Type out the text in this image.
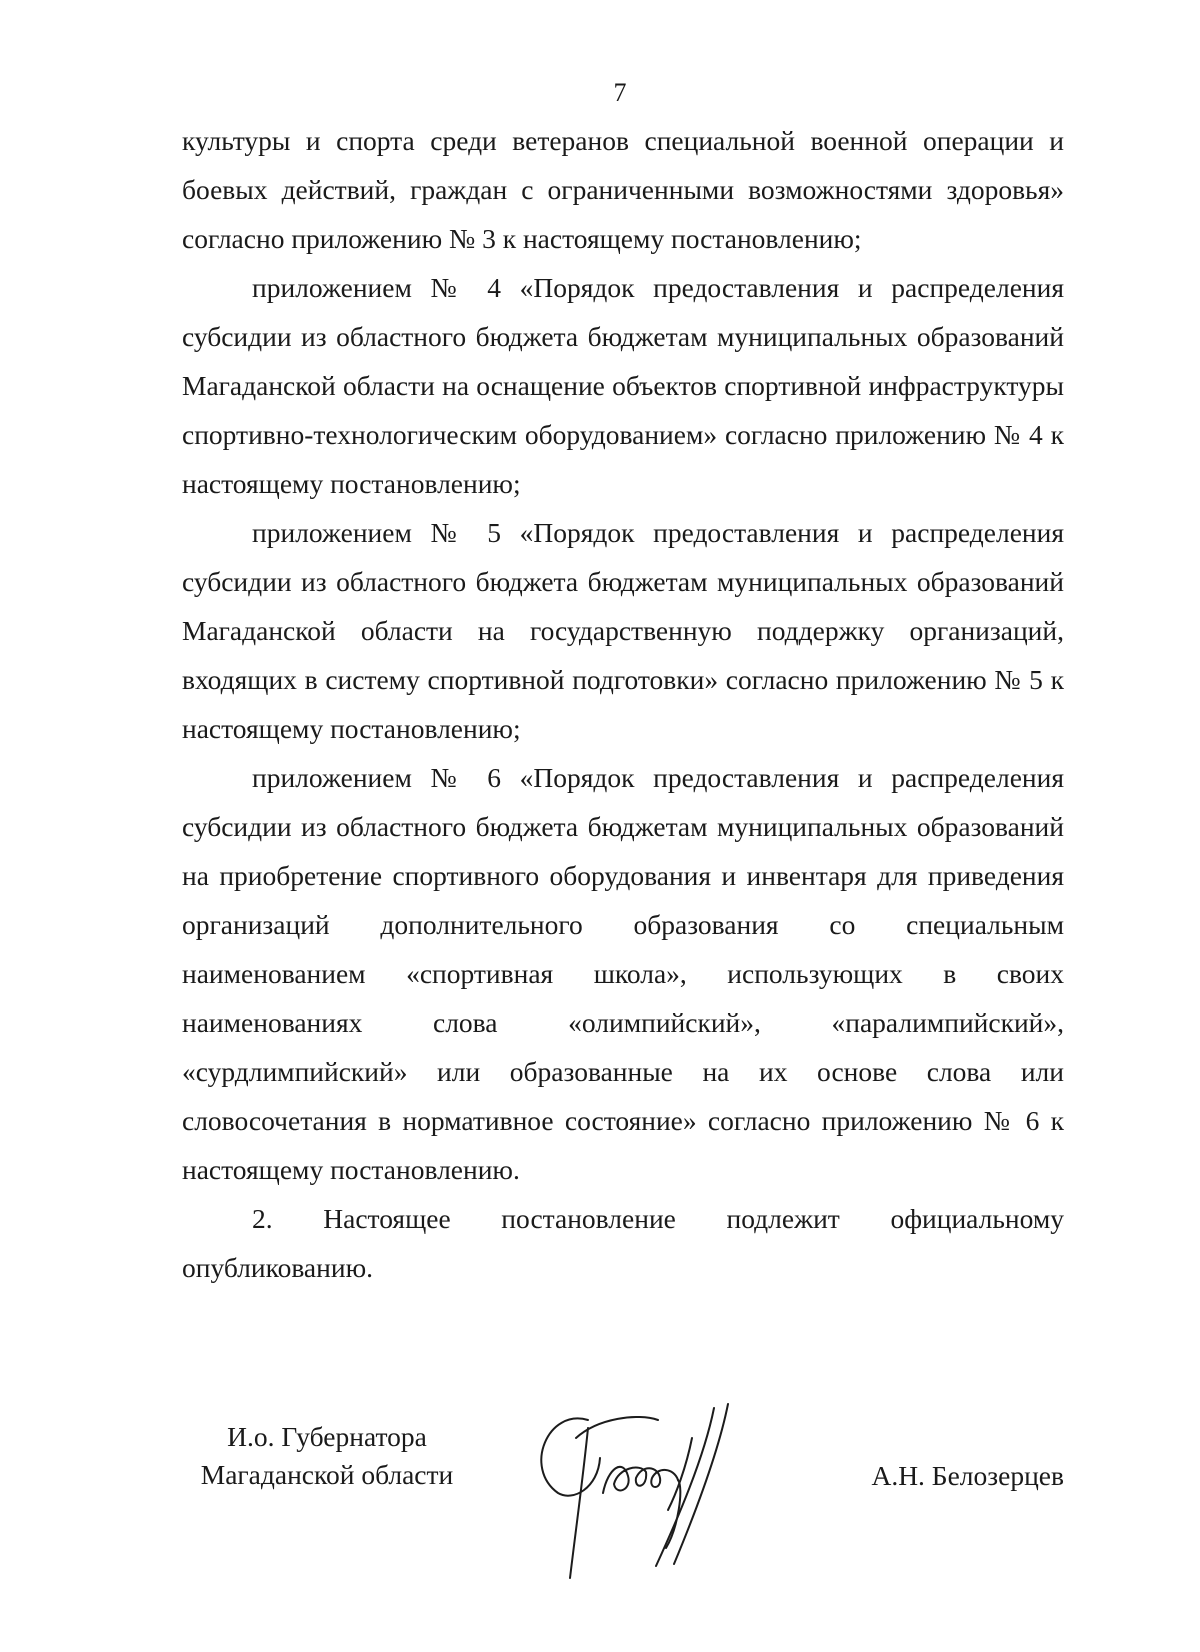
7

культуры и спорта среди ветеранов специальной военной операции и боевых действий, граждан с ограниченными возможностями здоровья» согласно приложению № 3 к настоящему постановлению;

приложением № 4 «Порядок предоставления и распределения субсидии из областного бюджета бюджетам муниципальных образований Магаданской области на оснащение объектов спортивной инфраструктуры спортивно-технологическим оборудованием» согласно приложению № 4 к настоящему постановлению;

приложением № 5 «Порядок предоставления и распределения субсидии из областного бюджета бюджетам муниципальных образований Магаданской области на государственную поддержку организаций, входящих в систему спортивной подготовки» согласно приложению № 5 к настоящему постановлению;

приложением № 6 «Порядок предоставления и распределения субсидии из областного бюджета бюджетам муниципальных образований на приобретение спортивного оборудования и инвентаря для приведения организаций дополнительного образования со специальным наименованием «спортивная школа», использующих в своих наименованиях слова «олимпийский», «паралимпийский», «сурдлимпийский» или образованные на их основе слова или словосочетания в нормативное состояние» согласно приложению № 6 к настоящему постановлению.

2. Настоящее постановление подлежит официальному опубликованию.

И.о. Губернатора
Магаданской области	А.Н. Белозерцев
